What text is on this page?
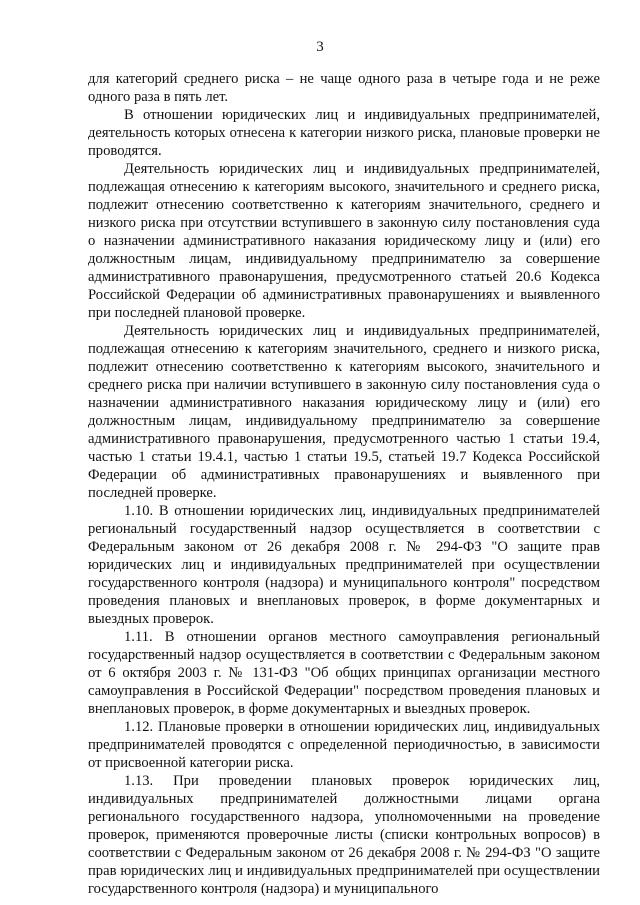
3

для категорий среднего риска – не чаще одного раза в четыре года и не реже одного раза в пять лет.

В отношении юридических лиц и индивидуальных предпринимателей, деятельность которых отнесена к категории низкого риска, плановые проверки не проводятся.

Деятельность юридических лиц и индивидуальных предпринимателей, подлежащая отнесению к категориям высокого, значительного и среднего риска, подлежит отнесению соответственно к категориям значительного, среднего и низкого риска при отсутствии вступившего в законную силу постановления суда о назначении административного наказания юридическому лицу и (или) его должностным лицам, индивидуальному предпринимателю за совершение административного правонарушения, предусмотренного статьей 20.6 Кодекса Российской Федерации об административных правонарушениях и выявленного при последней плановой проверке.

Деятельность юридических лиц и индивидуальных предпринимателей, подлежащая отнесению к категориям значительного, среднего и низкого риска, подлежит отнесению соответственно к категориям высокого, значительного и среднего риска при наличии вступившего в законную силу постановления суда о назначении административного наказания юридическому лицу и (или) его должностным лицам, индивидуальному предпринимателю за совершение административного правонарушения, предусмотренного частью 1 статьи 19.4, частью 1 статьи 19.4.1, частью 1 статьи 19.5, статьей 19.7 Кодекса Российской Федерации об административных правонарушениях и выявленного при последней проверке.

1.10. В отношении юридических лиц, индивидуальных предпринимателей региональный государственный надзор осуществляется в соответствии с Федеральным законом от 26 декабря 2008 г. № 294-ФЗ "О защите прав юридических лиц и индивидуальных предпринимателей при осуществлении государственного контроля (надзора) и муниципального контроля" посредством проведения плановых и внеплановых проверок, в форме документарных и выездных проверок.

1.11. В отношении органов местного самоуправления региональный государственный надзор осуществляется в соответствии с Федеральным законом от 6 октября 2003 г. № 131-ФЗ "Об общих принципах организации местного самоуправления в Российской Федерации" посредством проведения плановых и внеплановых проверок, в форме документарных и выездных проверок.

1.12. Плановые проверки в отношении юридических лиц, индивидуальных предпринимателей проводятся с определенной периодичностью, в зависимости от присвоенной категории риска.

1.13. При проведении плановых проверок юридических лиц, индивидуальных предпринимателей должностными лицами органа регионального государственного надзора, уполномоченными на проведение проверок, применяются проверочные листы (списки контрольных вопросов) в соответствии с Федеральным законом от 26 декабря 2008 г. № 294-ФЗ "О защите прав юридических лиц и индивидуальных предпринимателей при осуществлении государственного контроля (надзора) и муниципального
